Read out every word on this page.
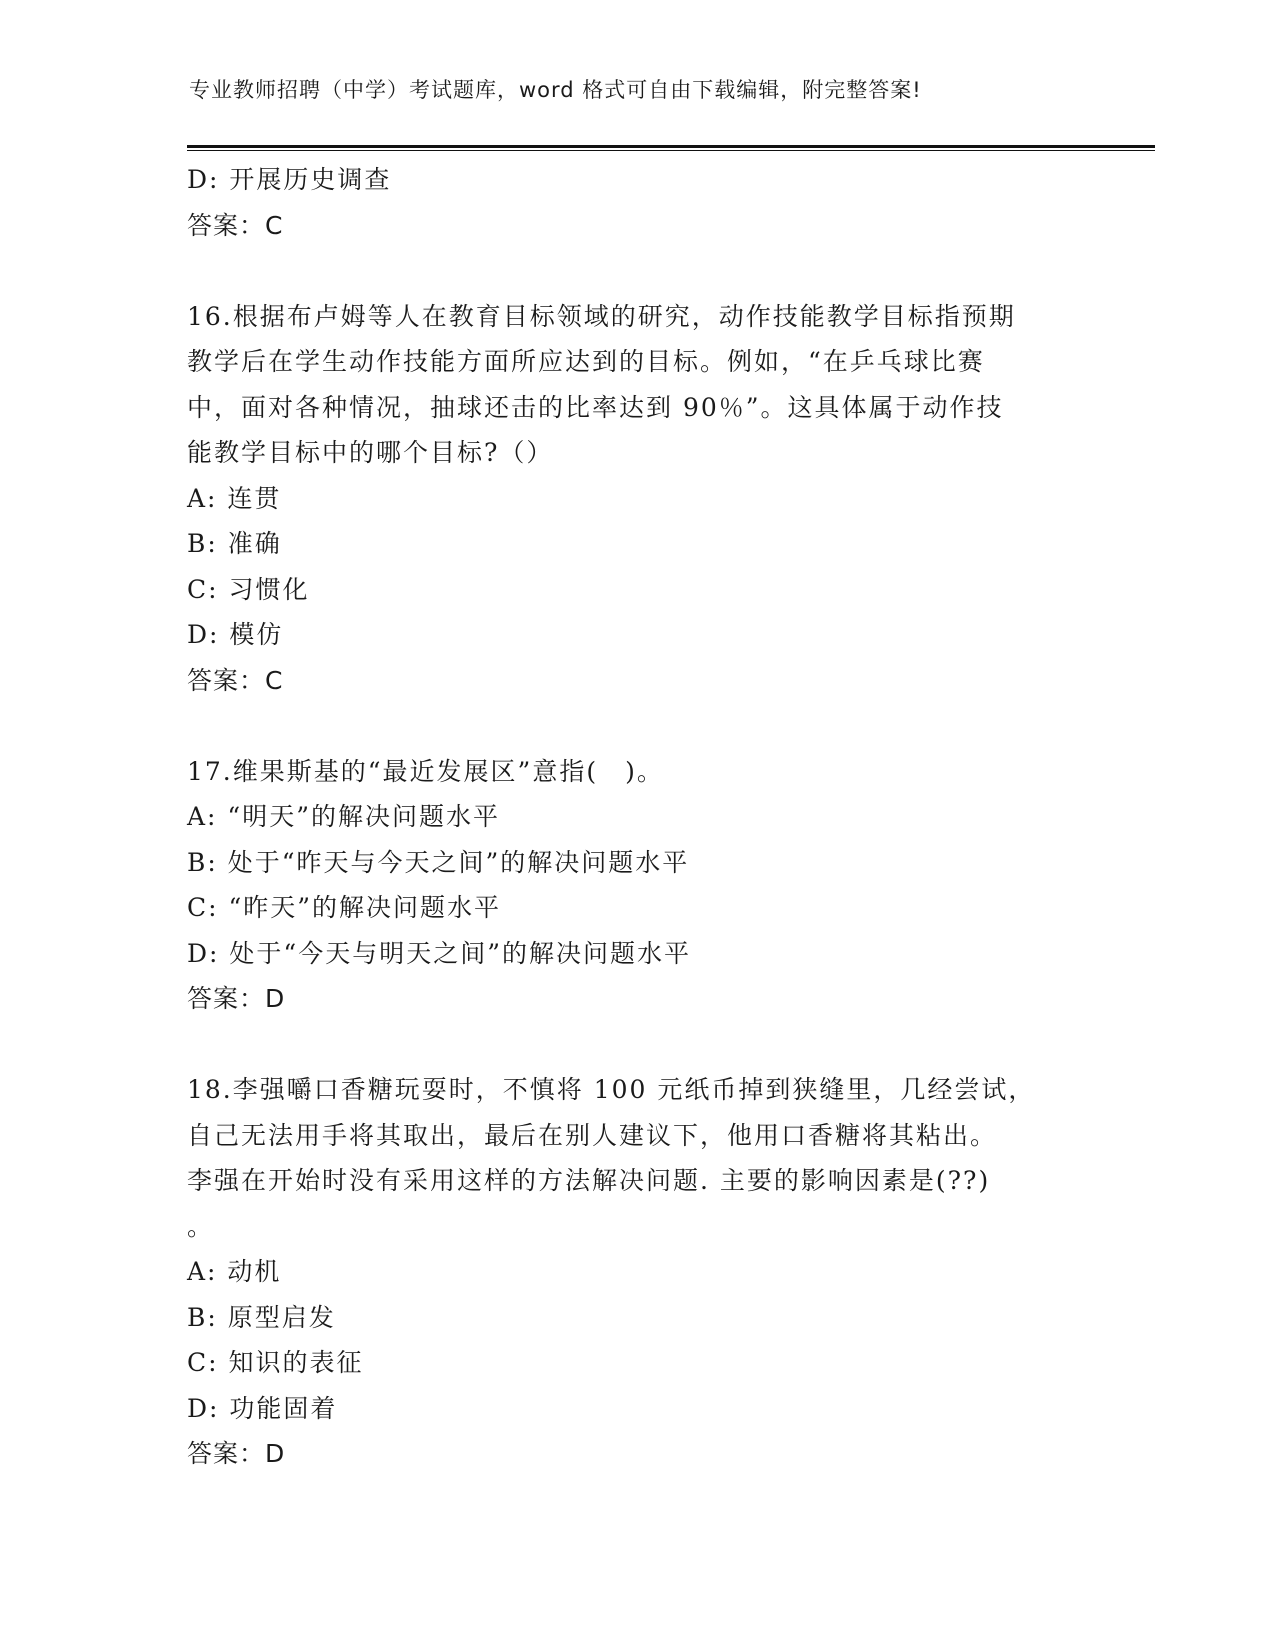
专业教师招聘（中学）考试题库，word 格式可自由下载编辑，附完整答案!
D: 开展历史调查
答案：C
16.根据布卢姆等人在教育目标领域的研究，动作技能教学目标指预期
教学后在学生动作技能方面所应达到的目标。例如，“在乒乓球比赛
中，面对各种情况，抽球还击的比率达到 90％”。这具体属于动作技
能教学目标中的哪个目标?（）
A: 连贯
B: 准确
C: 习惯化
D: 模仿
答案：C
17.维果斯基的“最近发展区”意指(　)。
A: “明天”的解决问题水平
B: 处于“昨天与今天之间”的解决问题水平
C: “昨天”的解决问题水平
D: 处于“今天与明天之间”的解决问题水平
答案：D
18.李强嚼口香糖玩耍时，不慎将 100 元纸币掉到狭缝里，几经尝试，
自己无法用手将其取出，最后在别人建议下，他用口香糖将其粘出。
李强在开始时没有采用这样的方法解决问题. 主要的影响因素是(??)
。
A: 动机
B: 原型启发
C: 知识的表征
D: 功能固着
答案：D
